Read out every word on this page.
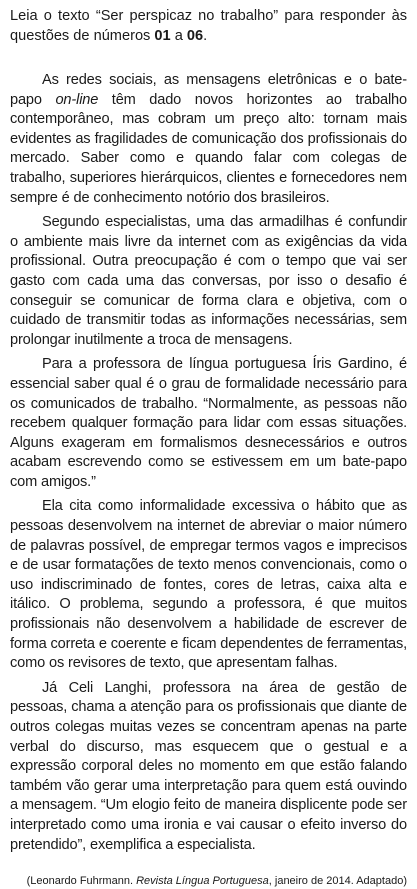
Leia o texto “Ser perspicaz no trabalho” para responder às questões de números 01 a 06.

As redes sociais, as mensagens eletrônicas e o bate-papo on-line têm dado novos horizontes ao trabalho contemporâneo, mas cobram um preço alto: tornam mais evidentes as fragilidades de comunicação dos profissionais do mercado. Saber como e quando falar com colegas de trabalho, superiores hierárquicos, clientes e fornecedores nem sempre é de conhecimento notório dos brasileiros.

Segundo especialistas, uma das armadilhas é confundir o ambiente mais livre da internet com as exigências da vida profissional. Outra preocupação é com o tempo que vai ser gasto com cada uma das conversas, por isso o desafio é conseguir se comunicar de forma clara e objetiva, com o cuidado de transmitir todas as informações necessárias, sem prolongar inutilmente a troca de mensagens.

Para a professora de língua portuguesa Íris Gardino, é essencial saber qual é o grau de formalidade necessário para os comunicados de trabalho. “Normalmente, as pessoas não recebem qualquer formação para lidar com essas situações. Alguns exageram em formalismos desnecessários e outros acabam escrevendo como se estivessem em um bate-papo com amigos.”

Ela cita como informalidade excessiva o hábito que as pessoas desenvolvem na internet de abreviar o maior número de palavras possível, de empregar termos vagos e imprecisos e de usar formatações de texto menos convencionais, como o uso indiscriminado de fontes, cores de letras, caixa alta e itálico. O problema, segundo a professora, é que muitos profissionais não desenvolvem a habilidade de escrever de forma correta e coerente e ficam dependentes de ferramentas, como os revisores de texto, que apresentam falhas.

Já Celi Langhi, professora na área de gestão de pessoas, chama a atenção para os profissionais que diante de outros colegas muitas vezes se concentram apenas na parte verbal do discurso, mas esquecem que o gestual e a expressão corporal deles no momento em que estão falando também vão gerar uma interpretação para quem está ouvindo a mensagem. “Um elogio feito de maneira displicente pode ser interpretado como uma ironia e vai causar o efeito inverso do pretendido”, exemplifica a especialista.

(Leonardo Fuhrmann. Revista Língua Portuguesa, janeiro de 2014. Adaptado)
